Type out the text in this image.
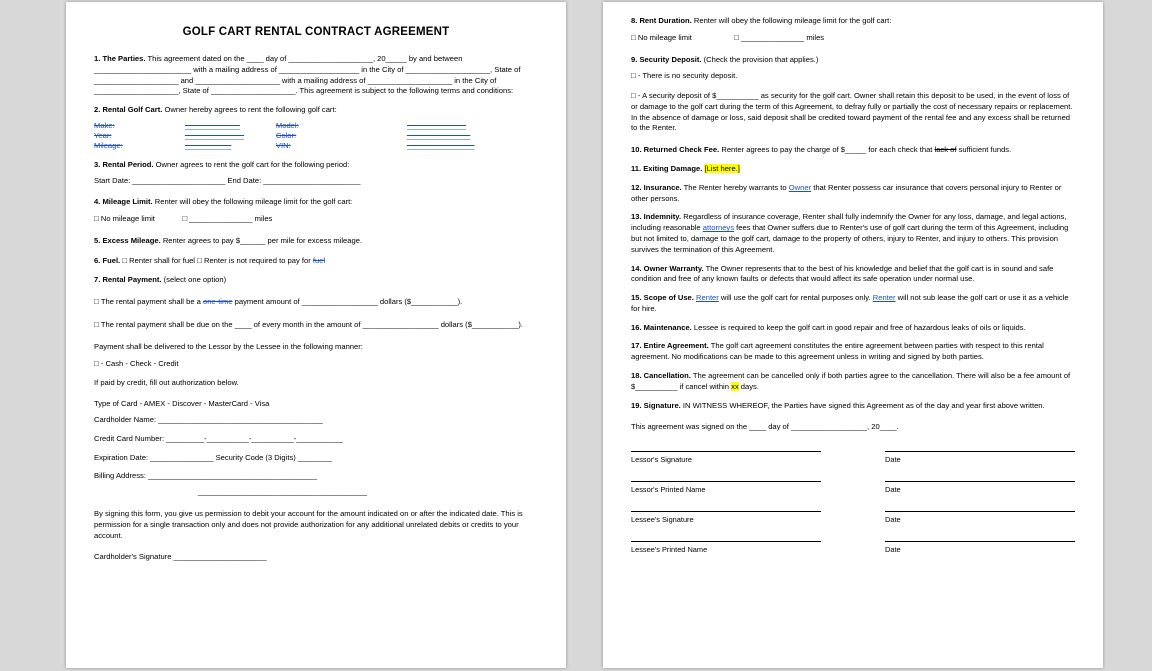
GOLF CART RENTAL CONTRACT AGREEMENT

1. The Parties. This agreement dated on the ____ day of ____________________, 20_____ by and between _______________________ with a mailing address of ___________________ in the City of ____________________, State of ____________________ and ____________________ with a mailing address of ____________________ in the City of ____________________, State of ____________________. This agreement is subject to the following terms and conditions:

2. Rental Golf Cart. Owner hereby agrees to rent the following golf cart:

Make:	_____________	Model:	______________
Year:	______________	Color:	_______________
Mileage:	___________	VIN:	________________

3. Rental Period. Owner agrees to rent the golf cart for the following period:

Start Date: ______________________ End Date: _______________________

4. Mileage Limit. Renter will obey the following mileage limit for the golf cart:

□ No mileage limit □	_______________ miles

5. Excess Mileage. Renter agrees to pay $______ per mile for excess mileage.

6. Fuel. □ Renter shall for fuel □ Renter is not required to pay for fuel

7. Rental Payment. (select one option)

□ The rental payment shall be a one-time payment amount of __________________ dollars ($___________).

□ The rental payment shall be due on the ____ of every month in the amount of __________________ dollars ($___________).

Payment shall be delivered to the Lessor by the Lessee in the following manner:

□ - Cash - Check - Credit

If paid by credit, fill out authorization below.

Type of Card - AMEX - Discover - MasterCard - Visa

Cardholder Name: _______________________________________

Credit Card Number: _________-__________-__________-___________

Expiration Date: _______________ Security Code (3 Digits) ________

Billing Address: ________________________________________

________________________________________

By signing this form, you give us permission to debit your account for the amount indicated on or after the indicated date. This is permission for a single transaction only and does not provide authorization for any additional unrelated debits or credits to your account.

Cardholder's Signature ______________________

8. Rent Duration. Renter will obey the following mileage limit for the golf cart:

□ No mileage limit □	_______________ miles

9. Security Deposit. (Check the provision that applies.)

□ - There is no security deposit.

□ - A security deposit of $__________ as security for the golf cart. Owner shall retain this deposit to be used, in the event of loss of or damage to the golf cart during the term of this Agreement, to defray fully or partially the cost of necessary repairs or replacement. In the absence of damage or loss, said deposit shall be credited toward payment of the rental fee and any excess shall be returned to the Renter.

10. Returned Check Fee. Renter agrees to pay the charge of $_____ for each check that lack of sufficient funds.

11. Exiting Damage. [List here.]

12. Insurance. The Renter hereby warrants to Owner that Renter possess car insurance that covers personal injury to Renter or other persons.

13. Indemnity. Regardless of insurance coverage, Renter shall fully indemnify the Owner for any loss, damage, and legal actions, including reasonable attorneys fees that Owner suffers due to Renter's use of golf cart during the term of this Agreement, including but not limited to, damage to the golf cart, damage to the property of others, injury to Renter, and injury to others. This provision survives the termination of this Agreement.

14. Owner Warranty. The Owner represents that to the best of his knowledge and belief that the golf cart is in sound and safe condition and free of any known faults or defects that would affect its safe operation under normal use.

15. Scope of Use. Renter will use the golf cart for rental purposes only. Renter will not sub lease the golf cart or use it as a vehicle for hire.

16. Maintenance. Lessee is required to keep the golf cart in good repair and free of hazardous leaks of oils or liquids.

17. Entire Agreement. The golf cart agreement constitutes the entire agreement between parties with respect to this rental agreement. No modifications can be made to this agreement unless in writing and signed by both parties.

18. Cancellation. The agreement can be cancelled only if both parties agree to the cancellation. There will also be a fee amount of $__________ if cancel within xx days.

19. Signature. IN WITNESS WHEREOF, the Parties have signed this Agreement as of the day and year first above written.

This agreement was signed on the ____ day of __________________, 20____.

Lessor's Signature	Date
Lessor's Printed Name	Date
Lessee's Signature	Date
Lessee's Printed Name	Date
